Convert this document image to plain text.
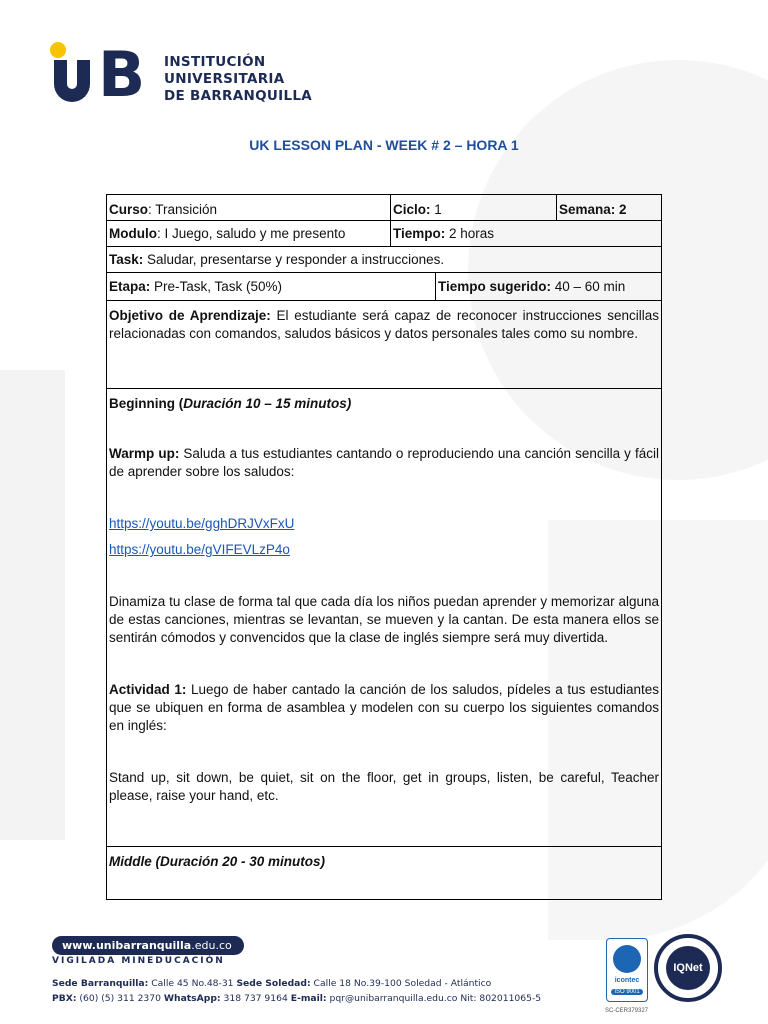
B INSTITUCIÓN
UNIVERSITARIA
DE BARRANQUILLA
UK LESSON PLAN - WEEK # 2 – HORA 1
Curso: Transición	Ciclo: 1	Semana: 2
Modulo: I Juego, saludo y me presento	Tiempo: 2 horas
Task: Saludar, presentarse y responder a instrucciones.
Etapa: Pre-Task, Task (50%)	Tiempo sugerido: 40 – 60 min
Objetivo de Aprendizaje: El estudiante será capaz de reconocer instrucciones sencillas relacionadas con comandos, saludos básicos y datos personales tales como su nombre.

Beginning (Duración 10 – 15 minutos)

Warmp up: Saluda a tus estudiantes cantando o reproduciendo una canción sencilla y fácil de aprender sobre los saludos:

https://youtu.be/gghDRJVxFxU

https://youtu.be/gVIFEVLzP4o

Dinamiza tu clase de forma tal que cada día los niños puedan aprender y memorizar alguna de estas canciones, mientras se levantan, se mueven y la cantan. De esta manera ellos se sentirán cómodos y convencidos que la clase de inglés siempre será muy divertida.

Actividad 1: Luego de haber cantado la canción de los saludos, pídeles a tus estudiantes que se ubiquen en forma de asamblea y modelen con su cuerpo los siguientes comandos en inglés:

Stand up, sit down, be quiet, sit on the floor, get in groups, listen, be careful, Teacher please, raise your hand, etc.

Middle (Duración 20 - 30 minutos)
www.unibarranquilla.edu.co
VIGILADA MINEDUCACIÓN
Sede Barranquilla: Calle 45 No.48-31 Sede Soledad: Calle 18 No.39-100 Soledad - Atlántico
PBX: (60) (5) 311 2370 WhatsApp: 318 737 9164 E-mail: pqr@unibarranquilla.edu.co Nit: 802011065-5
icontec
ISO 9001
IQNet
SC-CER379327
